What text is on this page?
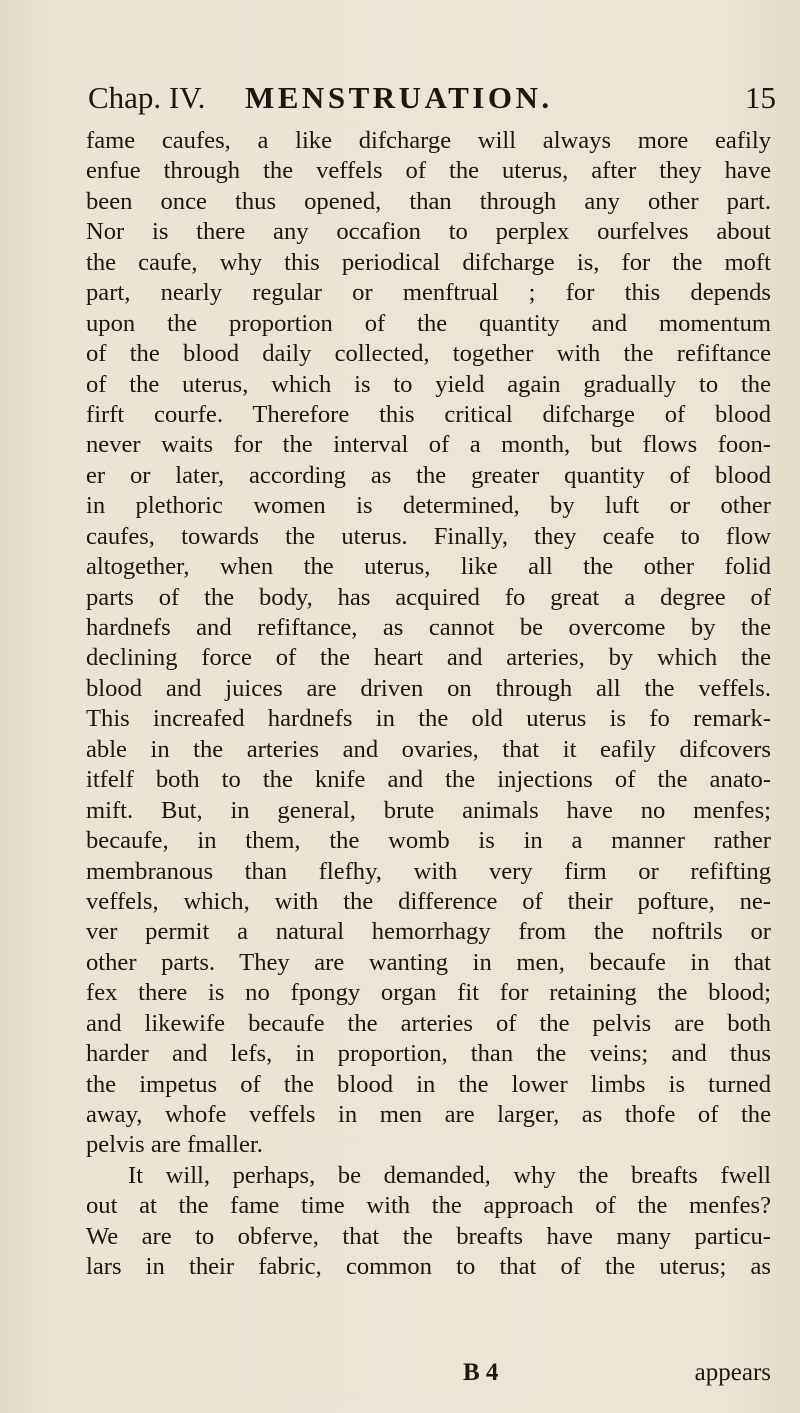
Chap. IV. MENSTRUATION.	15
fame caufes, a like difcharge will always more eafily
enfue through the veffels of the uterus, after they have
been once thus opened, than through any other part.
Nor is there any occafion to perplex ourfelves about
the caufe, why this periodical difcharge is, for the moft
part, nearly regular or menftrual ; for this depends
upon the proportion of the quantity and momentum
of the blood daily collected, together with the refiftance
of the uterus, which is to yield again gradually to the
firft courfe. Therefore this critical difcharge of blood
never waits for the interval of a month, but flows foon-
er or later, according as the greater quantity of blood
in plethoric women is determined, by luft or other
caufes, towards the uterus. Finally, they ceafe to flow
altogether, when the uterus, like all the other folid
parts of the body, has acquired fo great a degree of
hardnefs and refiftance, as cannot be overcome by the
declining force of the heart and arteries, by which the
blood and juices are driven on through all the veffels.
This increafed hardnefs in the old uterus is fo remark-
able in the arteries and ovaries, that it eafily difcovers
itfelf both to the knife and the injections of the anato-
mift. But, in general, brute animals have no menfes;
becaufe, in them, the womb is in a manner rather
membranous than flefhy, with very firm or refifting
veffels, which, with the difference of their pofture, ne-
ver permit a natural hemorrhagy from the noftrils or
other parts. They are wanting in men, becaufe in that
fex there is no fpongy organ fit for retaining the blood;
and likewife becaufe the arteries of the pelvis are both
harder and lefs, in proportion, than the veins; and thus
the impetus of the blood in the lower limbs is turned
away, whofe veffels in men are larger, as thofe of the
pelvis are fmaller.
It will, perhaps, be demanded, why the breafts fwell
out at the fame time with the approach of the menfes?
We are to obferve, that the breafts have many particu-
lars in their fabric, common to that of the uterus; as
B 4	appears
